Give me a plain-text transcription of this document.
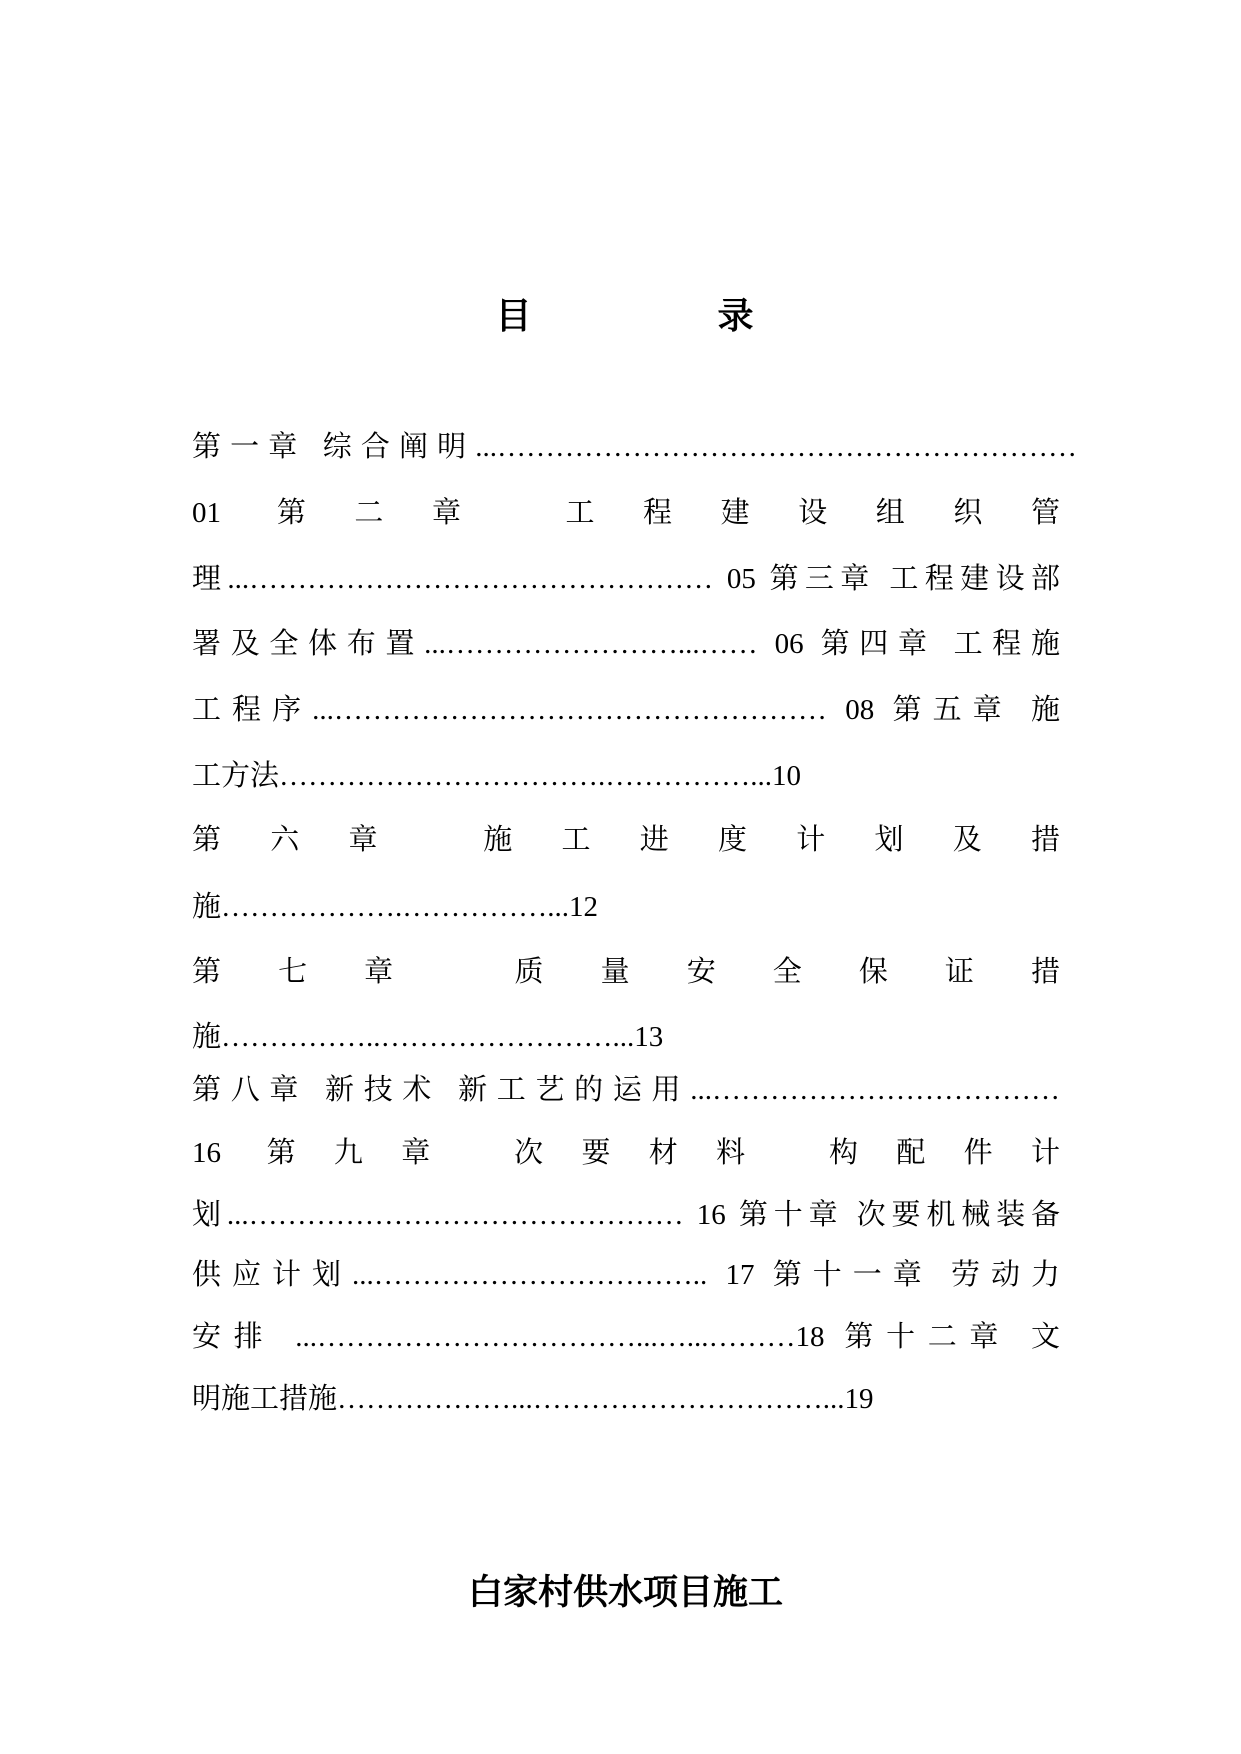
目 录
第一章 综合阐明...……………………………………………………
01 第二章 工程建设组织管
理...………………………………………… 05 第三章 工程建设部
署及全体布置...……………………...…… 06 第四章 工程施
工程序...…………………………………………… 08 第五章 施
工方法…………………………….……………...10
第六章 施工进度计划及措
施……………….……………...12
施……………..……………………...13
第八章 新技术 新工艺的运用...………………………………
16 第九章 次要材料 构配件计
划...……………………………………… 16 第十章 次要机械装备
供应计划...…………………………….. 17 第十一章 劳动力
安排 ...……………………………...…...………18 第十二章 文
明施工措施………………...…………………………...19
第七章 质量安全保证措
白家村供水项目施工
